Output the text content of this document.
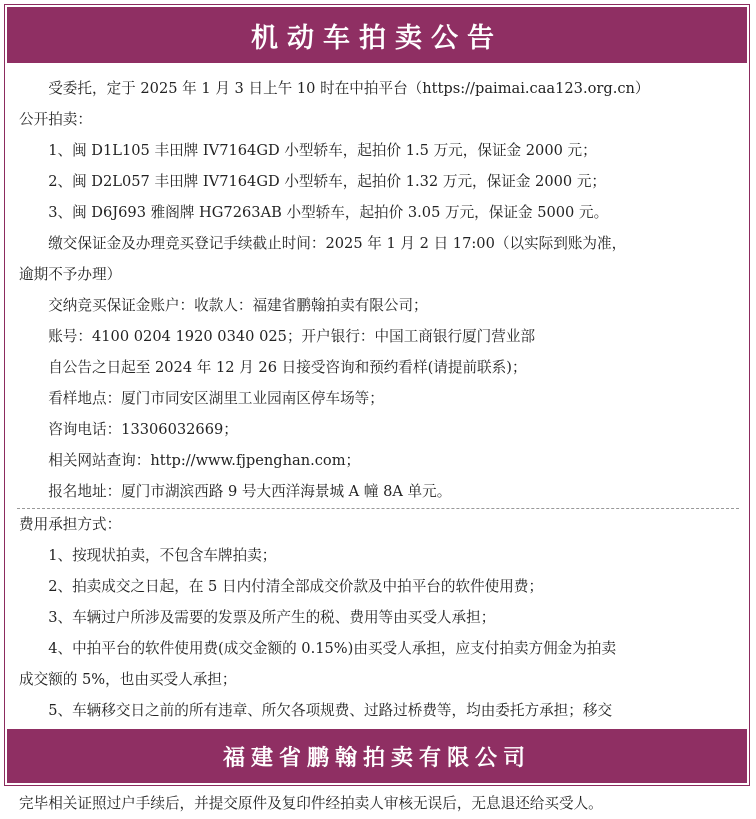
机动车拍卖公告
受委托，定于 2025 年 1 月 3 日上午 10 时在中拍平台（https://paimai.caa123.org.cn）
公开拍卖：
1、闽 D1L105 丰田牌 IV7164GD 小型轿车，起拍价 1.5 万元，保证金 2000 元；
2、闽 D2L057 丰田牌 IV7164GD 小型轿车，起拍价 1.32 万元，保证金 2000 元；
3、闽 D6J693 雅阁牌 HG7263AB 小型轿车，起拍价 3.05 万元，保证金 5000 元。
缴交保证金及办理竞买登记手续截止时间：2025 年 1 月 2 日 17:00（以实际到账为准，
逾期不予办理）
交纳竞买保证金账户：收款人：福建省鹏翰拍卖有限公司；
账号：4100 0204 1920 0340 025；开户银行：中国工商银行厦门营业部
自公告之日起至 2024 年 12 月 26 日接受咨询和预约看样(请提前联系)；
看样地点：厦门市同安区湖里工业园南区停车场等；
咨询电话：13306032669；
相关网站查询：http://www.fjpenghan.com；
报名地址：厦门市湖滨西路 9 号大西洋海景城 A 幢 8A 单元。
费用承担方式：
1、按现状拍卖，不包含车牌拍卖；
2、拍卖成交之日起，在 5 日内付清全部成交价款及中拍平台的软件使用费；
3、车辆过户所涉及需要的发票及所产生的税、费用等由买受人承担；
4、中拍平台的软件使用费(成交金额的 0.15%)由买受人承担，应支付拍卖方佣金为拍卖
成交额的 5%，也由买受人承担；
5、车辆移交日之前的所有违章、所欠各项规费、过路过桥费等，均由委托方承担；移交
完毕相关证照过户手续后，并提交原件及复印件经拍卖人审核无误后，无息退还给买受人。
福建省鹏翰拍卖有限公司
